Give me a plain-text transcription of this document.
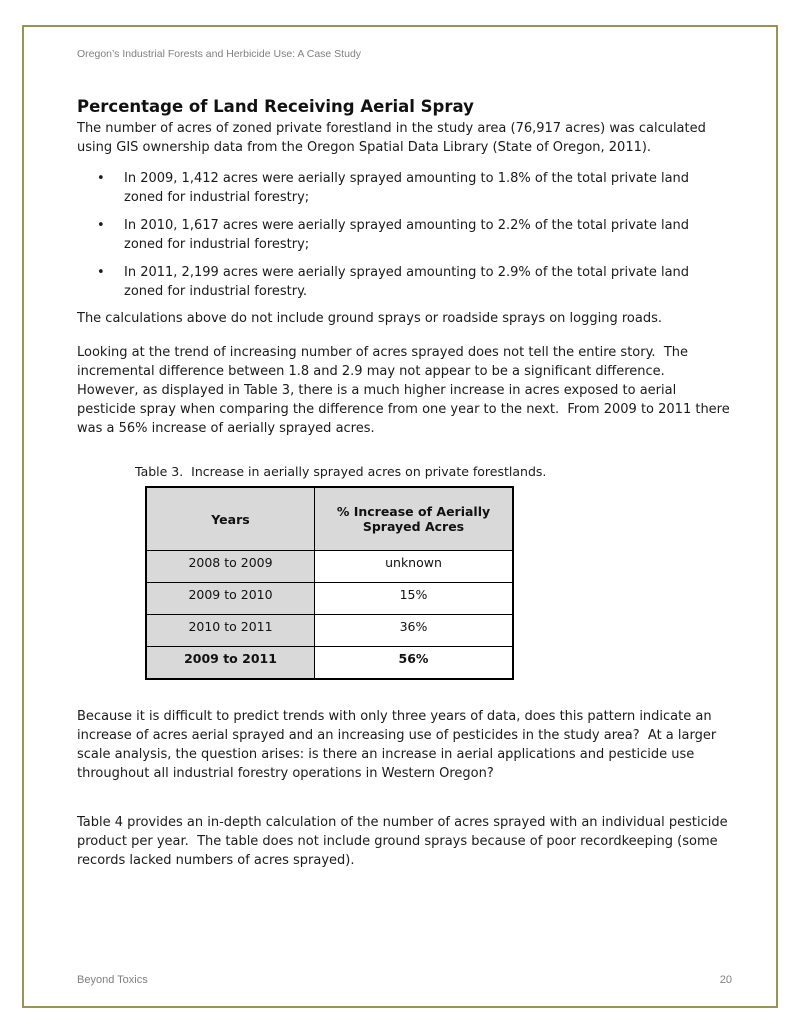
Oregon’s Industrial Forests and Herbicide Use: A Case Study
Percentage of Land Receiving Aerial Spray

The number of acres of zoned private forestland in the study area (76,917 acres) was calculated using GIS ownership data from the Oregon Spatial Data Library (State of Oregon, 2011).

•	In 2009, 1,412 acres were aerially sprayed amounting to 1.8% of the total private land zoned for industrial forestry;
•	In 2010, 1,617 acres were aerially sprayed amounting to 2.2% of the total private land zoned for industrial forestry;
•	In 2011, 2,199 acres were aerially sprayed amounting to 2.9% of the total private land zoned for industrial forestry.

The calculations above do not include ground sprays or roadside sprays on logging roads.

Looking at the trend of increasing number of acres sprayed does not tell the entire story.  The incremental difference between 1.8 and 2.9 may not appear to be a significant difference.  However, as displayed in Table 3, there is a much higher increase in acres exposed to aerial pesticide spray when comparing the difference from one year to the next.  From 2009 to 2011 there was a 56% increase of aerially sprayed acres.

Table 3.  Increase in aerially sprayed acres on private forestlands.
Years	% Increase of Aerially Sprayed Acres
2008 to 2009	unknown
2009 to 2010	15%
2010 to 2011	36%
2009 to 2011	56%

Because it is difficult to predict trends with only three years of data, does this pattern indicate an increase of acres aerial sprayed and an increasing use of pesticides in the study area?  At a larger scale analysis, the question arises: is there an increase in aerial applications and pesticide use throughout all industrial forestry operations in Western Oregon?

Table 4 provides an in-depth calculation of the number of acres sprayed with an individual pesticide product per year.  The table does not include ground sprays because of poor recordkeeping (some records lacked numbers of acres sprayed).

Beyond Toxics	20
